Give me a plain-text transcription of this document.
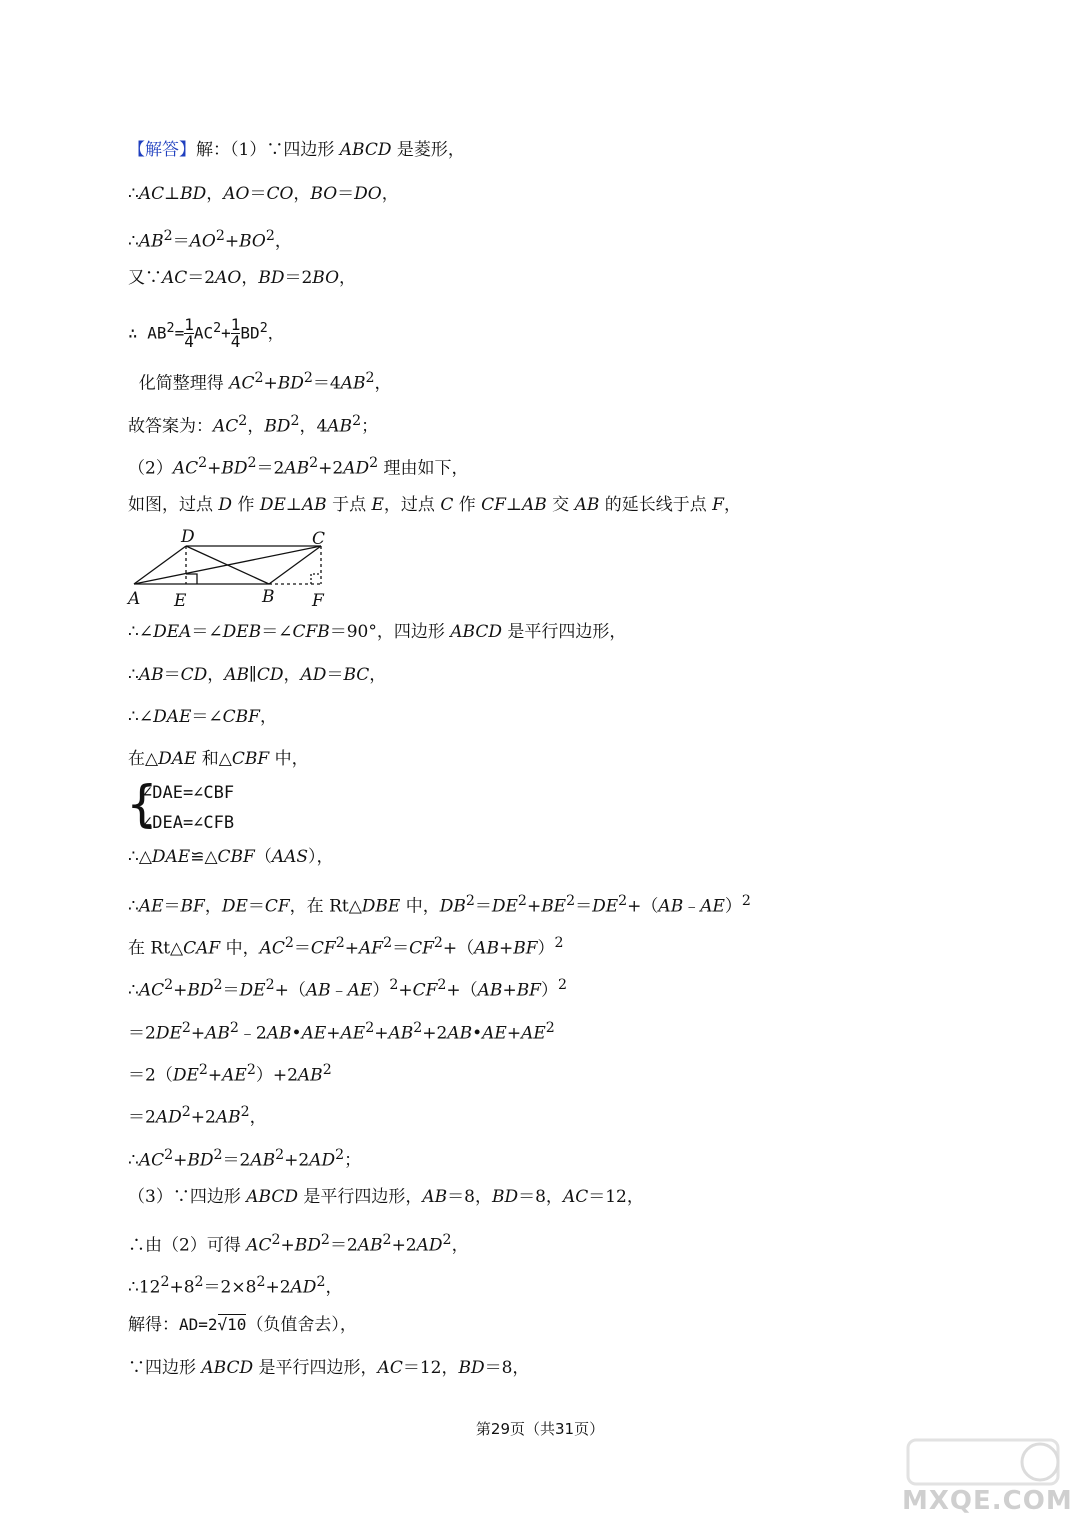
【解答】解：（1）∵四边形 ABCD 是菱形，
∴AC⊥BD，AO＝CO，BO＝DO，
$\therefore AB^2=AO^2+BO^2$，
又∵AC＝2AO，BD＝2BO，
∴ $AB^2= \frac{1}{4} AC^2+ \frac{1}{4} BD^2$，
化简整理得 $AC^2+BD^2=4AB^2$，
故答案为：$AC^2$，$BD^2$，$4AB^2$；
$(2)AC^2+BD^2=2AB^2+2AD^2$ 理由如下，
如图，过点 D 作 DE⊥AB 于点 E，过点 C 作 CF⊥AB 交 AB 的延长线于点 F，
D	C
A E	B F
∴∠DEA＝∠DEB＝∠CFB＝90°，四边形 ABCD 是平行四边形，
∴AB＝CD，AB∥CD，AD＝BC，
∴∠DAE＝∠CBF，
在△DAE 和△CBF 中，
{
∠DAE=∠CBF
∠DEA=∠CFB
∴△DAE≌△CBF（AAS），
∴AE＝BF，DE＝CF，在 Rt△DBE 中，$DB^2=DE^2+BE^2=DE^2+(AB﹣AE)^2$
在 Rt△CAF 中，$AC^2=CF^2+AF^2=CF^2+(AB+BF)^2$
$\therefore AC^2+BD^2=DE^2+(AB﹣AE)^2+CF^2+(AB+BF)^2$
$=2DE^2+AB^2﹣2AB•AE+AE^2+AB^2+2AB•AE+AE^2$
$=2(DE^2+AE^2)+2AB^2$
$=2AD^2+2AB^2$，
$\therefore AC^2+BD^2=2AB^2+2AD^2$；
（3）∵四边形 ABCD 是平行四边形，AB＝8，BD＝8，AC＝12，
∴由（2）可得 $AC^2+BD^2=2AB^2+2AD^2$，
$\therefore 12^2+8^2=2\times 8^2+2AD^2$，
解得：AD=2√10（负值舍去），
∵四边形 ABCD 是平行四边形，AC＝12，BD＝8，
第29页（共31页）
MXQE.COM
